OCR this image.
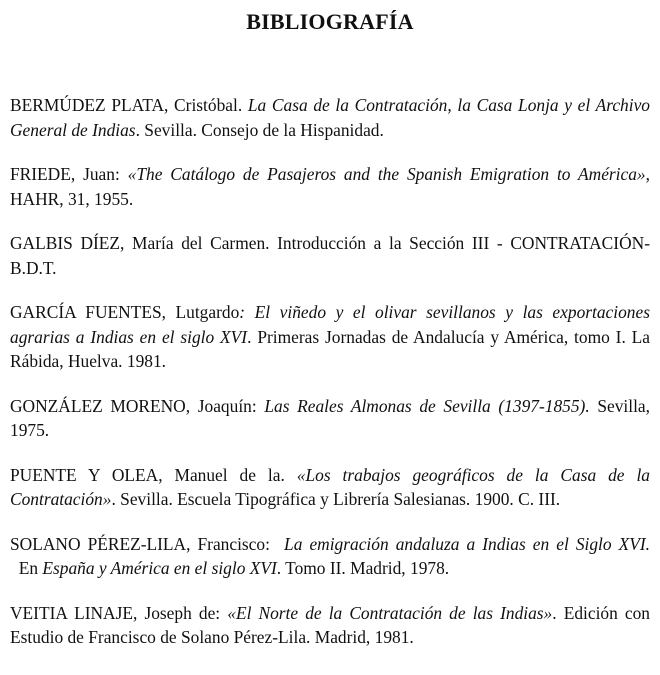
BIBLIOGRAFÍA

BERMÚDEZ PLATA, Cristóbal. La Casa de la Contratación, la Casa Lonja y el Archivo General de Indias. Sevilla. Consejo de la Hispanidad.

FRIEDE, Juan: «The Catálogo de Pasajeros and the Spanish Emigration to América», HAHR, 31, 1955.

GALBIS DÍEZ, María del Carmen. Introducción a la Sección III - CONTRATACIÓN- B.D.T.

GARCÍA FUENTES, Lutgardo: El viñedo y el olivar sevillanos y las exportaciones agrarias a Indias en el siglo XVI. Primeras Jornadas de Andalucía y América, tomo I. La Rábida, Huelva. 1981.

GONZÁLEZ MORENO, Joaquín: Las Reales Almonas de Sevilla (1397-1855). Sevilla, 1975.

PUENTE Y OLEA, Manuel de la. «Los trabajos geográficos de la Casa de la Contratación». Sevilla. Escuela Tipográfica y Librería Salesianas. 1900. C. III.

SOLANO PÉREZ-LILA, Francisco: La emigración andaluza a Indias en el Siglo XVI.  En España y América en el siglo XVI. Tomo II. Madrid, 1978.

VEITIA LINAJE, Joseph de: «El Norte de la Contratación de las Indias». Edición con Estudio de Francisco de Solano Pérez-Lila. Madrid, 1981.
